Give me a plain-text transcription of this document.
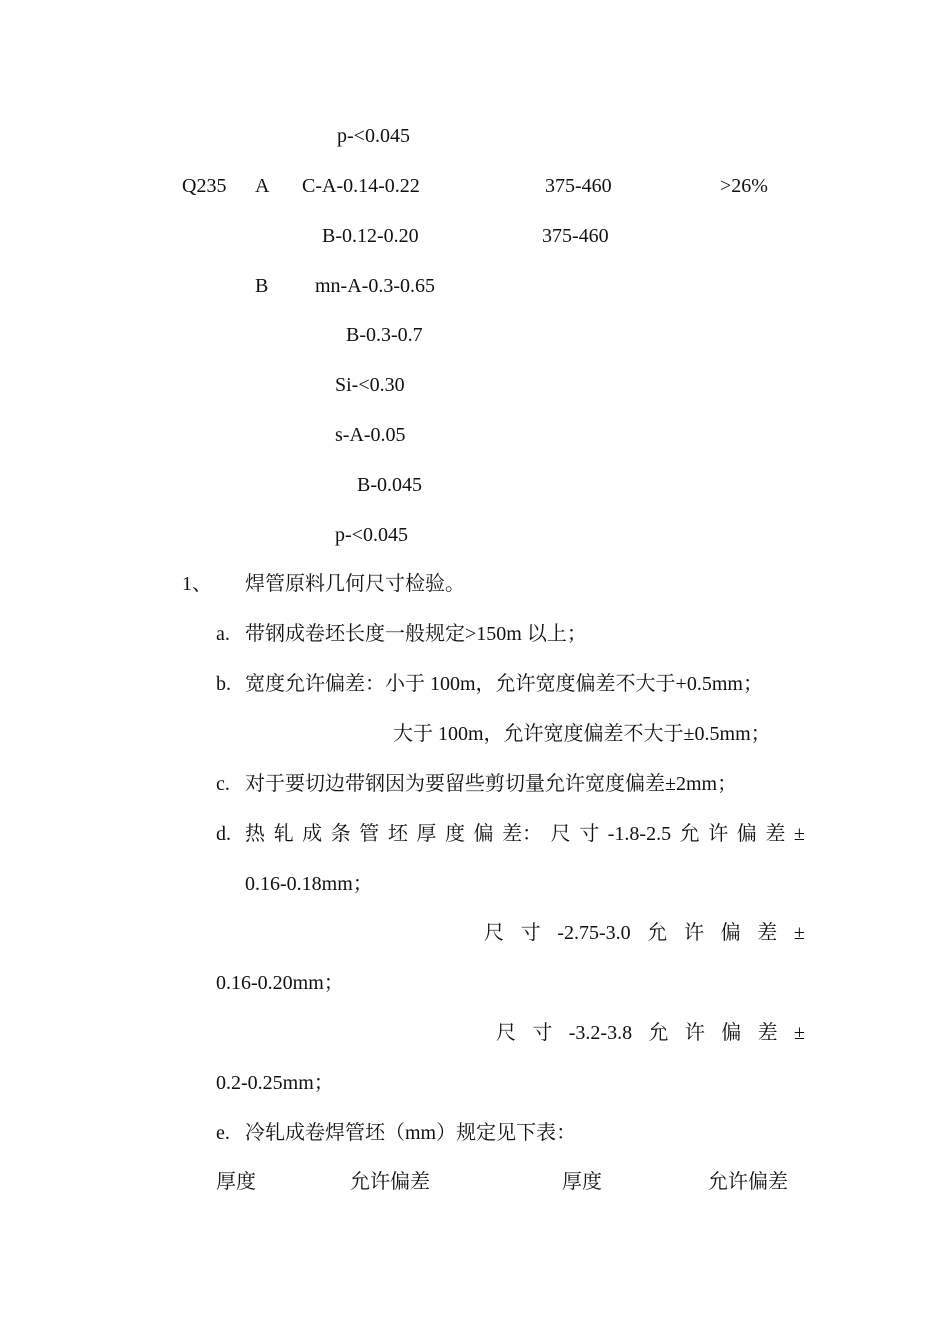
p-<0.045
Q235 A C-A-0.14-0.22	375-460	>26%
B-0.12-0.20	375-460
B mn-A-0.3-0.65
B-0.3-0.7
Si-<0.30
s-A-0.05
B-0.045
p-<0.045
1、 焊管原料几何尺寸检验。
a. 带钢成卷坯长度一般规定>150m 以上；
b. 宽度允许偏差：小于 100m，允许宽度偏差不大于+0.5mm；
大于 100m，允许宽度偏差不大于±0.5mm；
c. 对于要切边带钢因为要留些剪切量允许宽度偏差±2mm；
d. 热 轧 成 条 管 坯 厚 度 偏 差： 尺 寸 -1.8-2.5 允 许 偏 差 ±
0.16-0.18mm；
尺 寸 -2.75-3.0 允 许 偏 差 ±
0.16-0.20mm；
尺 寸 -3.2-3.8 允 许 偏 差 ±
0.2-0.25mm；
e. 冷轧成卷焊管坯（mm）规定见下表：
厚度	允许偏差	厚度	允许偏差
